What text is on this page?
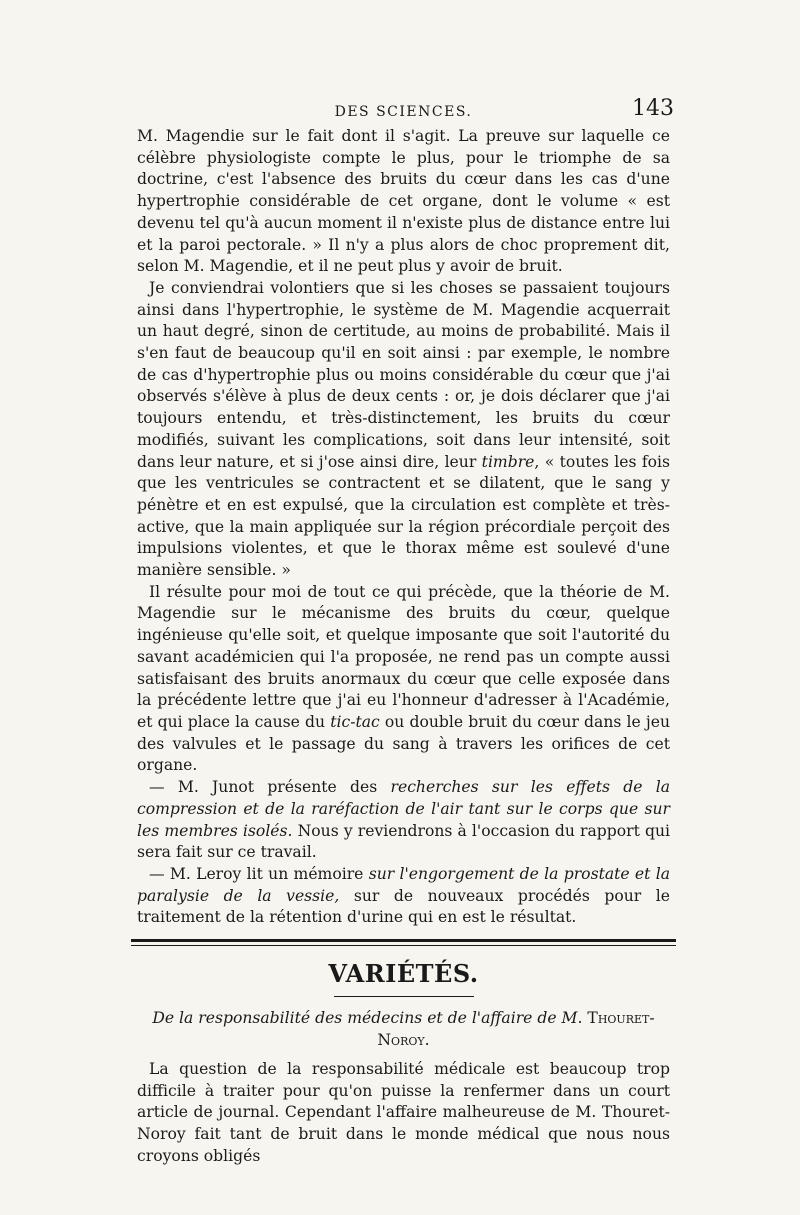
DES SCIENCES.	143

M. Magendie sur le fait dont il s'agit. La preuve sur laquelle ce célèbre physiologiste compte le plus, pour le triomphe de sa doctrine, c'est l'absence des bruits du cœur dans les cas d'une hypertrophie considérable de cet organe, dont le volume « est devenu tel qu'à aucun moment il n'existe plus de distance entre lui et la paroi pectorale. » Il n'y a plus alors de choc proprement dit, selon M. Magendie, et il ne peut plus y avoir de bruit.

Je conviendrai volontiers que si les choses se passaient toujours ainsi dans l'hypertrophie, le système de M. Magendie acquerrait un haut degré, sinon de certitude, au moins de probabilité. Mais il s'en faut de beaucoup qu'il en soit ainsi : par exemple, le nombre de cas d'hypertrophie plus ou moins considérable du cœur que j'ai observés s'élève à plus de deux cents : or, je dois déclarer que j'ai toujours entendu, et très-distinctement, les bruits du cœur modifiés, suivant les complications, soit dans leur intensité, soit dans leur nature, et si j'ose ainsi dire, leur timbre, « toutes les fois que les ventricules se contractent et se dilatent, que le sang y pénètre et en est expulsé, que la circulation est complète et très-active, que la main appliquée sur la région précordiale perçoit des impulsions violentes, et que le thorax même est soulevé d'une manière sensible. »

Il résulte pour moi de tout ce qui précède, que la théorie de M. Magendie sur le mécanisme des bruits du cœur, quelque ingénieuse qu'elle soit, et quelque imposante que soit l'autorité du savant académicien qui l'a proposée, ne rend pas un compte aussi satisfaisant des bruits anormaux du cœur que celle exposée dans la précédente lettre que j'ai eu l'honneur d'adresser à l'Académie, et qui place la cause du tic-tac ou double bruit du cœur dans le jeu des valvules et le passage du sang à travers les orifices de cet organe.

— M. Junot présente des recherches sur les effets de la compression et de la raréfaction de l'air tant sur le corps que sur les membres isolés. Nous y reviendrons à l'occasion du rapport qui sera fait sur ce travail.

— M. Leroy lit un mémoire sur l'engorgement de la prostate et la paralysie de la vessie, sur de nouveaux procédés pour le traitement de la rétention d'urine qui en est le résultat.

VARIÉTÉS.
De la responsabilité des médecins et de l'affaire de M. Thouret-Noroy.

La question de la responsabilité médicale est beaucoup trop difficile à traiter pour qu'on puisse la renfermer dans un court article de journal. Cependant l'affaire malheureuse de M. Thouret-Noroy fait tant de bruit dans le monde médical que nous nous croyons obligés
